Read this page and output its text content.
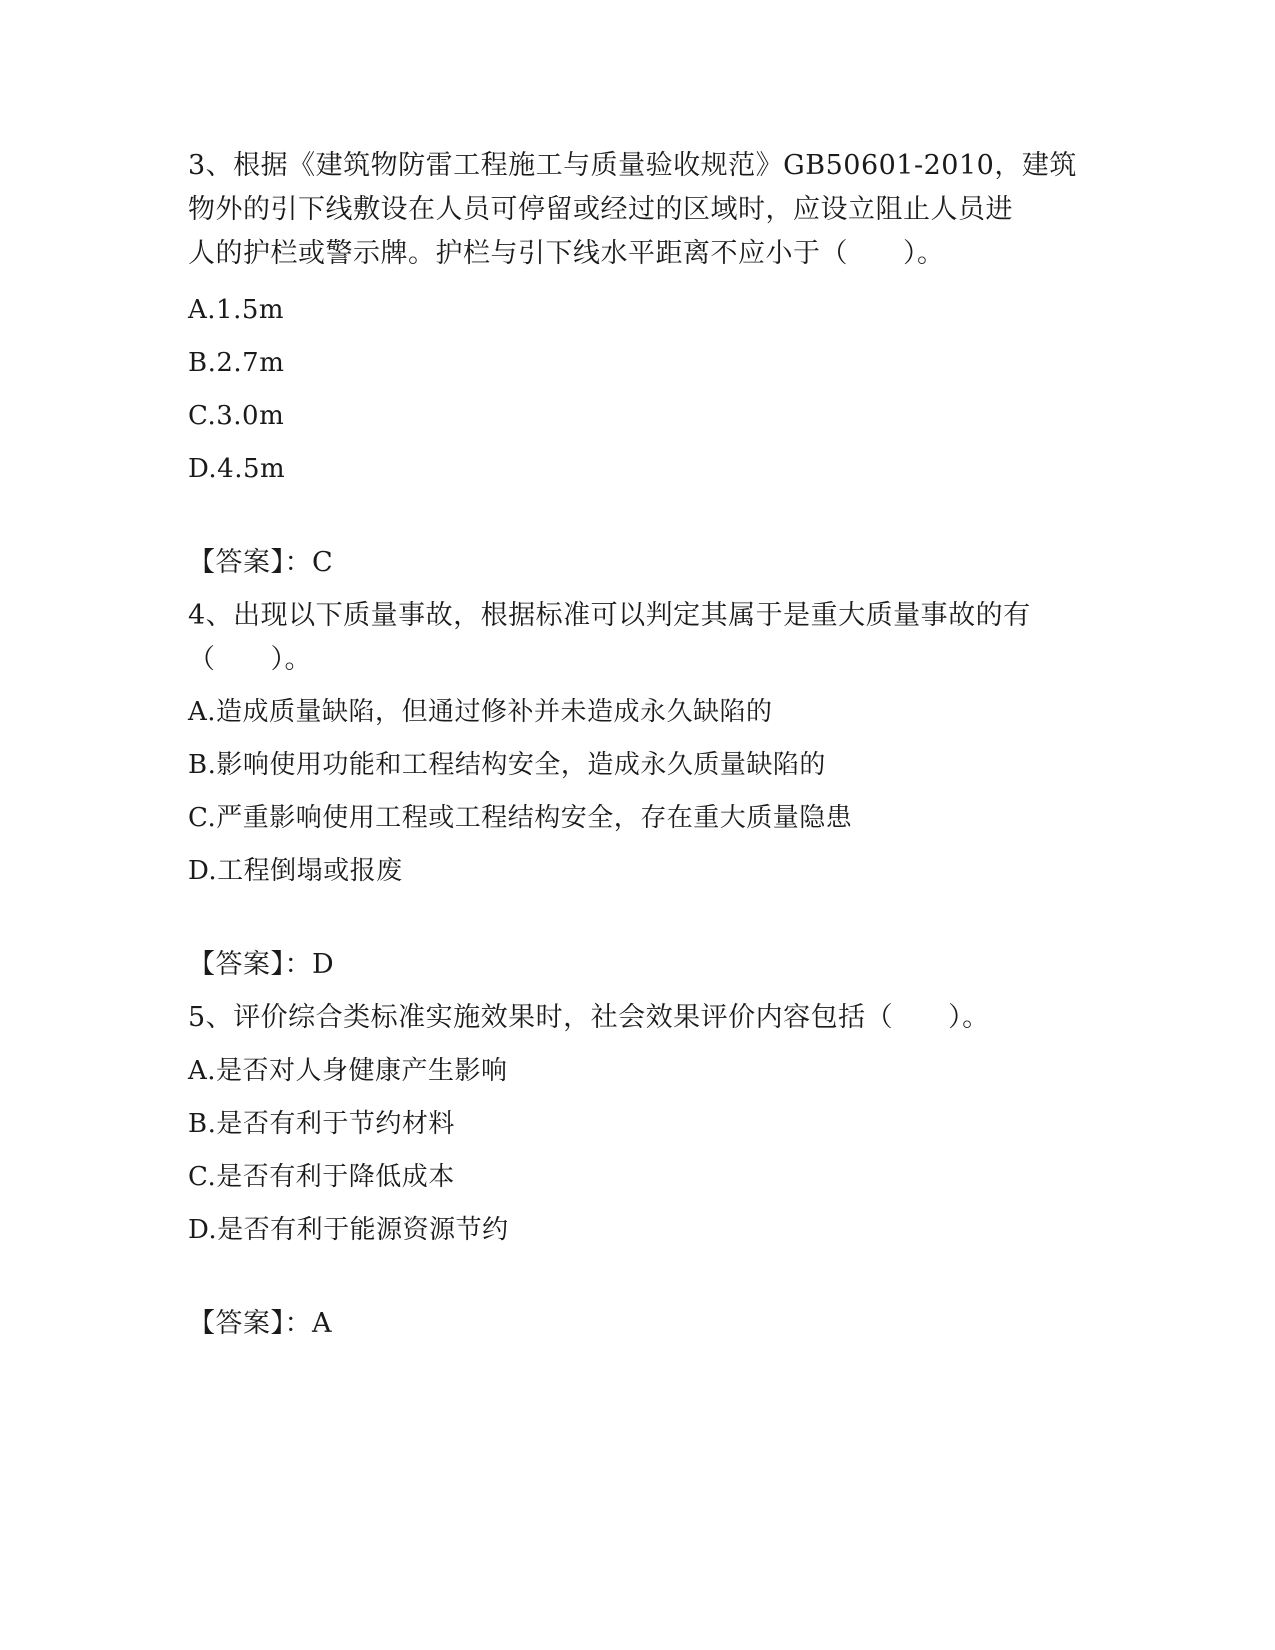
3、根据《建筑物防雷工程施工与质量验收规范》GB50601-2010，建筑
物外的引下线敷设在人员可停留或经过的区域时，应设立阻止人员进
人的护栏或警示牌。护栏与引下线水平距离不应小于（　　）。
A.1.5m
B.2.7m
C.3.0m
D.4.5m
【答案】：C
4、出现以下质量事故，根据标准可以判定其属于是重大质量事故的有
（　　）。
A.造成质量缺陷，但通过修补并未造成永久缺陷的
B.影响使用功能和工程结构安全，造成永久质量缺陷的
C.严重影响使用工程或工程结构安全，存在重大质量隐患
D.工程倒塌或报废
【答案】：D
5、评价综合类标准实施效果时，社会效果评价内容包括（　　）。
A.是否对人身健康产生影响
B.是否有利于节约材料
C.是否有利于降低成本
D.是否有利于能源资源节约
【答案】：A
